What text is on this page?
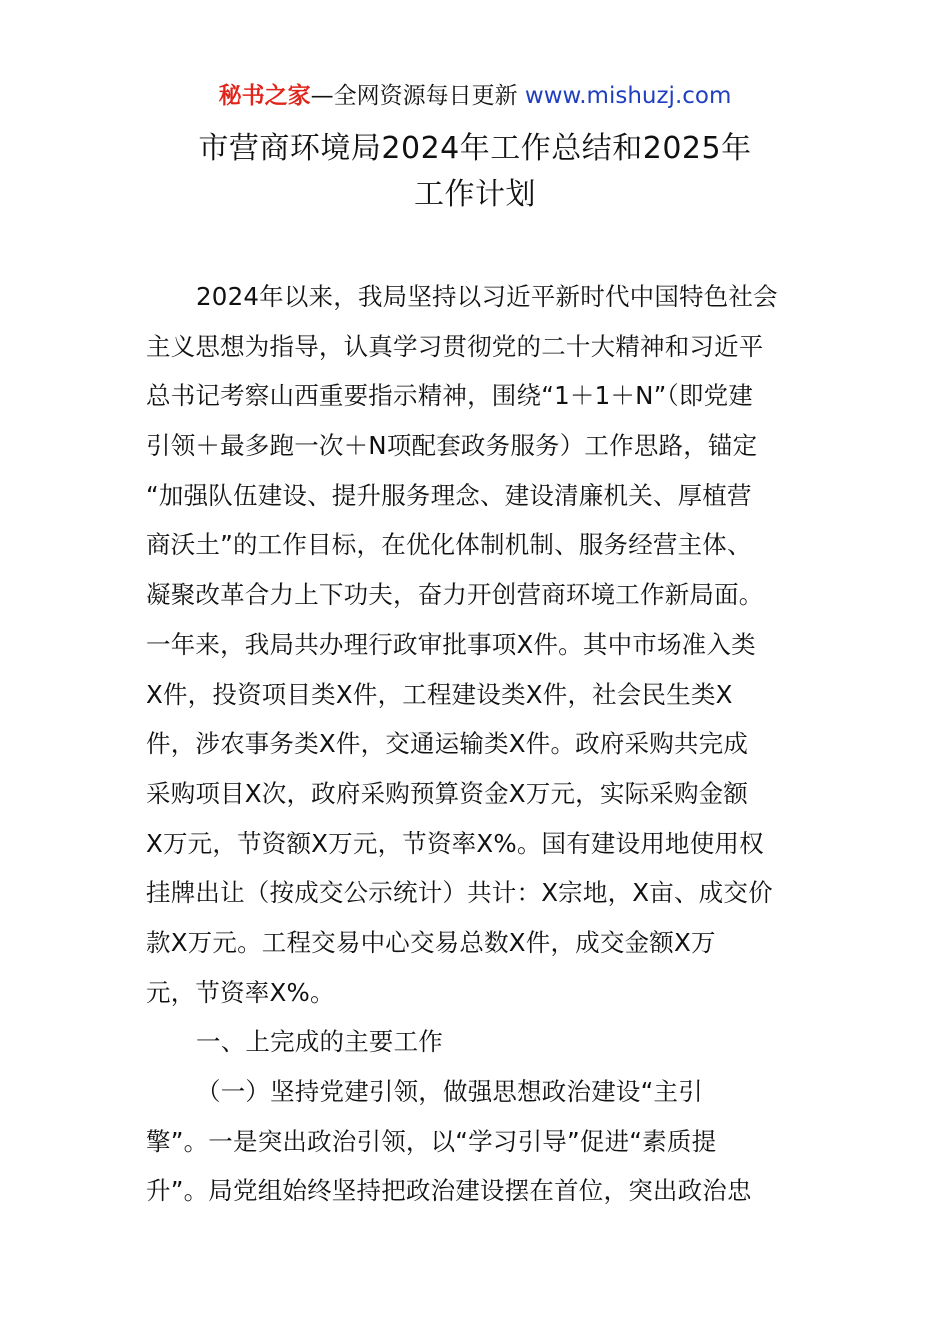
秘书之家—全网资源每日更新 www.mishuzj.com
市营商环境局2024年工作总结和2025年
工作计划
2024年以来，我局坚持以习近平新时代中国特色社会
主义思想为指导，认真学习贯彻党的二十大精神和习近平
总书记考察山西重要指示精神，围绕“1＋1＋N”（即党建
引领＋最多跑一次＋N项配套政务服务）工作思路，锚定
“加强队伍建设、提升服务理念、建设清廉机关、厚植营
商沃土”的工作目标，在优化体制机制、服务经营主体、
凝聚改革合力上下功夫，奋力开创营商环境工作新局面。
一年来，我局共办理行政审批事项X件。其中市场准入类
X件，投资项目类X件，工程建设类X件，社会民生类X
件，涉农事务类X件，交通运输类X件。政府采购共完成
采购项目X次，政府采购预算资金X万元，实际采购金额
X万元，节资额X万元，节资率X%。国有建设用地使用权
挂牌出让（按成交公示统计）共计：X宗地，X亩、成交价
款X万元。工程交易中心交易总数X件，成交金额X万
元，节资率X%。
一、上完成的主要工作
（一）坚持党建引领，做强思想政治建设“主引
擎”。一是突出政治引领，以“学习引导”促进“素质提
升”。局党组始终坚持把政治建设摆在首位，突出政治忠
